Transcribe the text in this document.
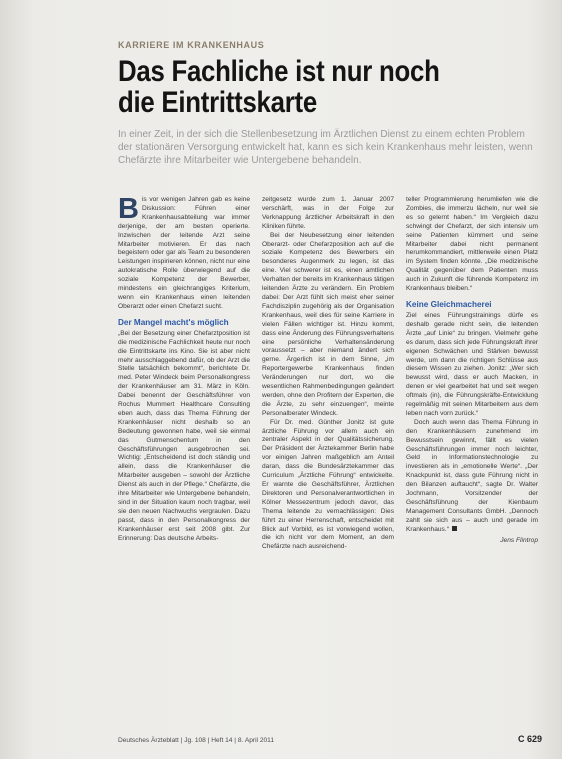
KARRIERE IM KRANKENHAUS
Das Fachliche ist nur noch
die Eintrittskarte
In einer Zeit, in der sich die Stellenbesetzung im Ärztlichen Dienst zu einem echten Problem der stationären Versorgung entwickelt hat, kann es sich kein Krankenhaus mehr leisten, wenn Chefärzte ihre Mitarbeiter wie Untergebene behandeln.

Bis vor wenigen Jahren gab es keine Diskussion: Führen einer Krankenhausabteilung war immer derjenige, der am besten operierte. Inzwischen der leitende Arzt seine Mitarbeiter motivieren. Er das nach begeistern oder gar als Team zu besonderen Leistungen inspirieren können, nicht nur eine autokratische Rolle überwiegend auf die soziale Kompetenz der Bewerber, mindestens ein gleichrangiges Kriterium, wenn ein Krankenhaus einen leitenden Oberarzt oder einen Chefarzt sucht.

Der Mangel macht's möglich

„Bei der Besetzung einer Chefarztposition ist die medizinische Fachlichkeit heute nur noch die Eintrittskarte ins Kino. Sie ist aber nicht mehr ausschlaggebend dafür, ob der Arzt die Stelle tatsächlich bekommt“, berichtete Dr. med. Peter Windeck beim Personalkongress der Krankenhäuser am 31. März in Köln. Dabei benennt der Geschäftsführer von Rochus Mummert Healthcare Consulting eben auch, dass das Thema Führung der Krankenhäuser nicht deshalb so an Bedeutung gewonnen habe, weil sie einmal das Gutmenschentum in den Geschäftsführungen ausgebrochen sei. Wichtig: „Entscheidend ist doch ständig und allein, dass die Krankenhäuser die Mitarbeiter ausgeben – sowohl der Ärztliche Dienst als auch in der Pflege.“ Chefärzte, die ihre Mitarbeiter wie Untergebene behandeln, sind in der Situation kaum noch tragbar, weil sie den neuen Nachwuchs vergraulen. Dazu passt, dass in den Personalkongress der Krankenhäuser erst seit 2008 gibt. Zur Erinnerung: Das deutsche Arbeits-

zeitgesetz wurde zum 1. Januar 2007 verschärft, was in der Folge zur Verknappung ärztlicher Arbeitskraft in den Kliniken führte.

Bei der Neubesetzung einer leitenden Oberarzt- oder Chefarzposition ach auf die soziale Kompetenz des Bewerbers ein besonderes Augenmerk zu legen, ist das eine. Viel schwerer ist es, einen amtlichen Verhalten der bereits im Krankenhaus tätigen leitenden Ärzte zu verändern. Ein Problem dabei: Der Arzt fühlt sich meist eher seiner Fachdisziplin zugehörig als der Organisation Krankenhaus, weil dies für seine Karriere in vielen Fällen wichtiger ist. Hinzu kommt, dass eine Änderung des Führungsverhaltens eine persönliche Verhaltensänderung voraussetzt – aber niemand ändert sich gerne. Ärgerlich ist in dem Sinne, „im Reportergewerbe Krankenhaus finden Veränderungen nur dort, wo die wesentlichen Rahmenbedingungen geändert werden, ohne den Profitern der Experten, die die Ärzte, zu sehr einzuengen“, meinte Personalberater Windeck.

Für Dr. med. Günther Jonitz ist gute ärztliche Führung vor allem auch ein zentraler Aspekt in der Qualitätssicherung. Der Präsident der Ärztekammer Berlin habe vor einigen Jahren maßgeblich am Anteil daran, dass die Bundesärztekammer das Curriculum „Ärztliche Führung“ entwickelte. Er warnte die Geschäftsführer, Ärztlichen Direktoren und Personalverantwortlichen in Kölner Messezentrum jedoch davor, das Thema leitende zu vernachlässigen: Dies führt zu einer Herrenschaft, entscheidet mit Blick auf Vorbild, es ist vorwiegend wollen, die ich nicht vor dem Moment, an dem Chefärzte nach ausreichend-

teller Programmierung herumliefen wie die Zombies, die immerzu lächeln, nur weil sie es so gelernt haben.“ Im Vergleich dazu schwingt der Chefarzt, der sich intensiv um seine Patienten kümmert und seine Mitarbeiter dabei nicht permanent herumkommandiert, mittlerweile einen Platz im System finden könnte. „Die medizinische Qualität gegenüber dem Patienten muss auch in Zukunft die führende Kompetenz im Krankenhaus bleiben.“

Keine Gleichmacherei

Ziel eines Führungstrainings dürfe es deshalb gerade nicht sein, die leitenden Ärzte „auf Linie“ zu bringen. Vielmehr gehe es darum, dass sich jede Führungskraft ihrer eigenen Schwächen und Stärken bewusst werde, um dann die richtigen Schlüsse aus diesem Wissen zu ziehen. Jonitz: „Wer sich bewusst wird, dass er auch Macken, in denen er viel gearbeitet hat und seit wegen oftmals (in), die Führungskräfte-Entwicklung regelmäßig mit seinen Mitarbeitern aus dem leben nach vorn zurück.“

Doch auch wenn das Thema Führung in den Krankenhäusern zunehmend im Bewusstsein gewinnt, fällt es vielen Geschäftsführungen immer noch leichter, Geld in Informationstechnologie zu investieren als in „emotionelle Werte“. „Der Knackpunkt ist, dass gute Führung nicht in den Bilanzen auftaucht“, sagte Dr. Walter Jochmann, Vorsitzender der Geschäftsführung der Kienbaum Management Consultants GmbH. „Dennoch zahlt sie sich aus – auch und gerade im Krankenhaus.“

Jens Flintrop
Deutsches Ärzteblatt | Jg. 108 | Heft 14 | 8. April 2011	C 629
